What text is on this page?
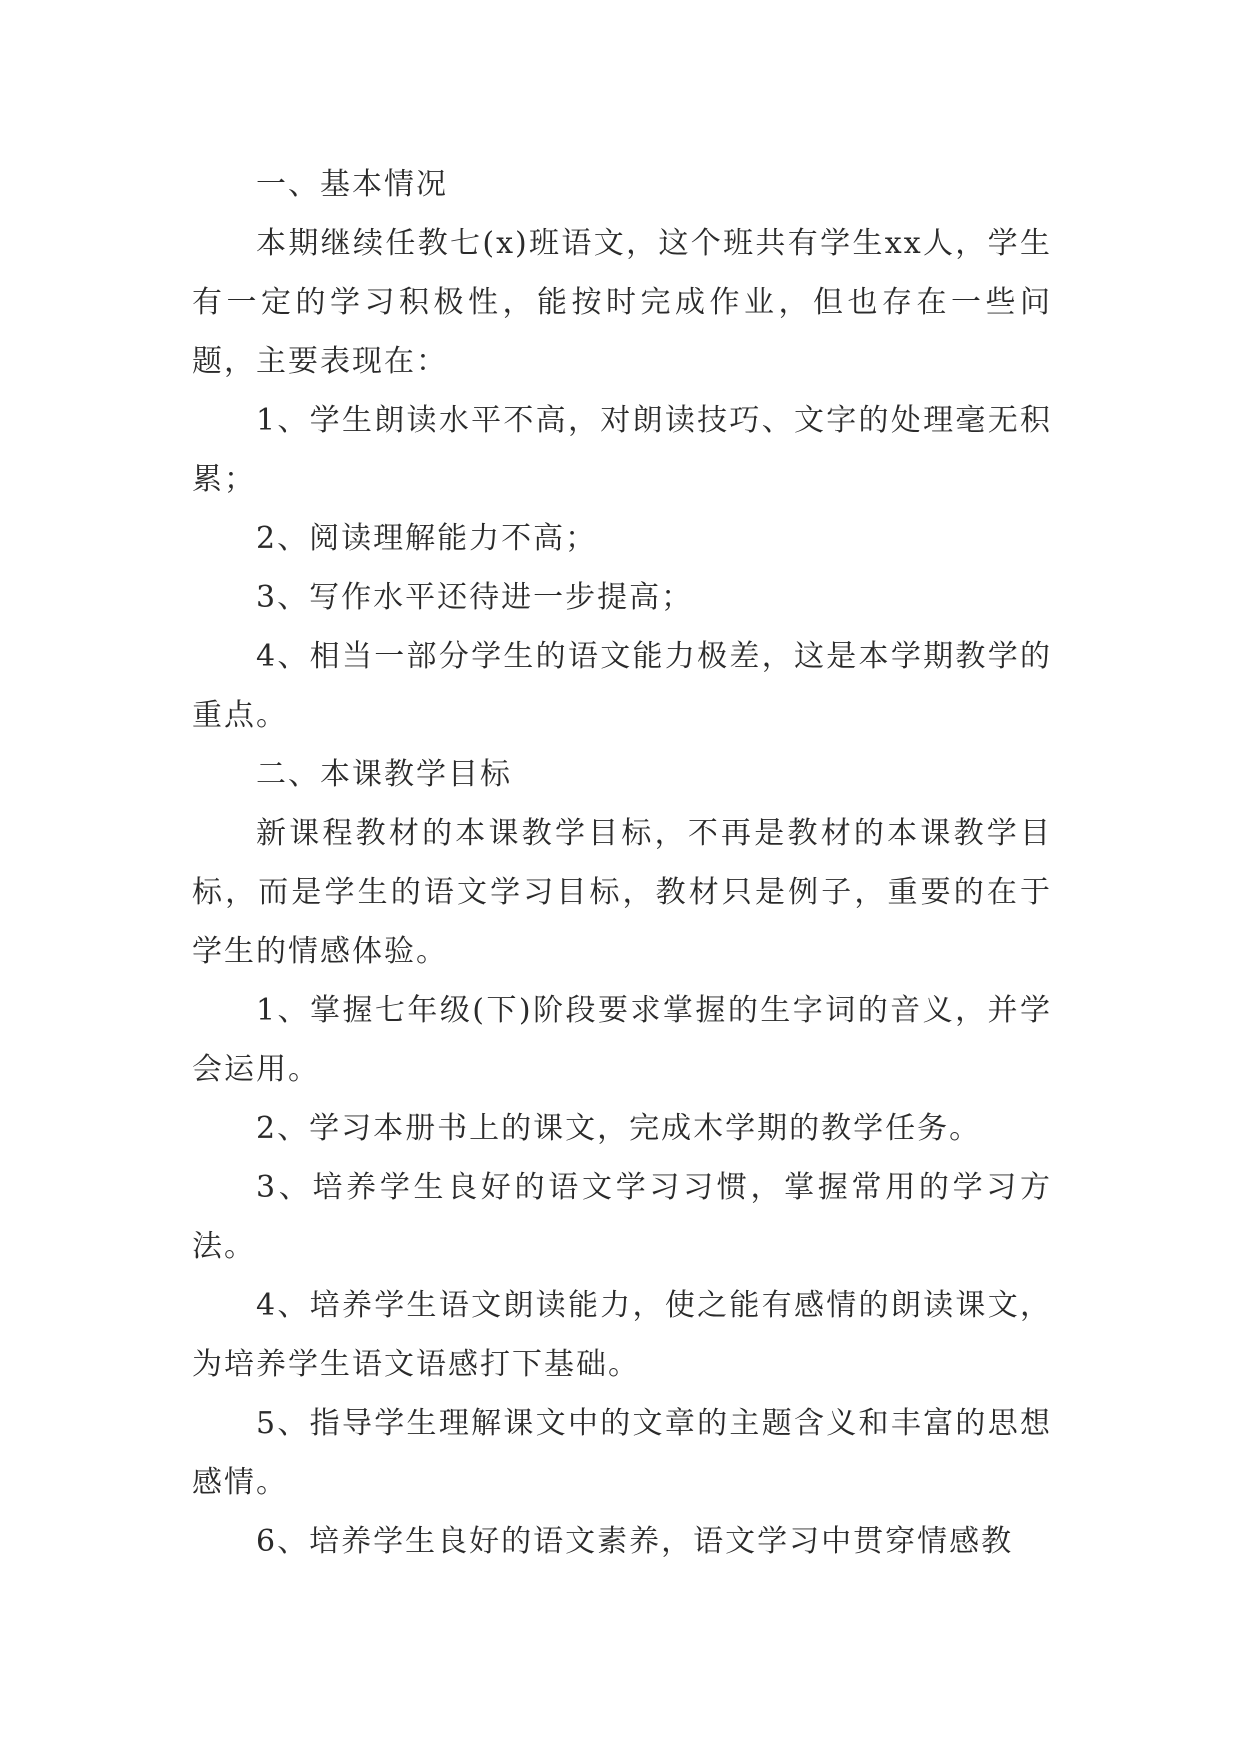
一、基本情况

本期继续任教七(x)班语文，这个班共有学生xx人，学生有一定的学习积极性，能按时完成作业，但也存在一些问题，主要表现在：

1、学生朗读水平不高，对朗读技巧、文字的处理毫无积累；

2、阅读理解能力不高；

3、写作水平还待进一步提高；

4、相当一部分学生的语文能力极差，这是本学期教学的重点。

二、本课教学目标

新课程教材的本课教学目标，不再是教材的本课教学目标，而是学生的语文学习目标，教材只是例子，重要的在于学生的情感体验。

1、掌握七年级(下)阶段要求掌握的生字词的音义，并学会运用。

2、学习本册书上的课文，完成木学期的教学任务。

3、培养学生良好的语文学习习惯，掌握常用的学习方法。

4、培养学生语文朗读能力，使之能有感情的朗读课文，为培养学生语文语感打下基础。

5、指导学生理解课文中的文章的主题含义和丰富的思想感情。

6、培养学生良好的语文素养，语文学习中贯穿情感教
